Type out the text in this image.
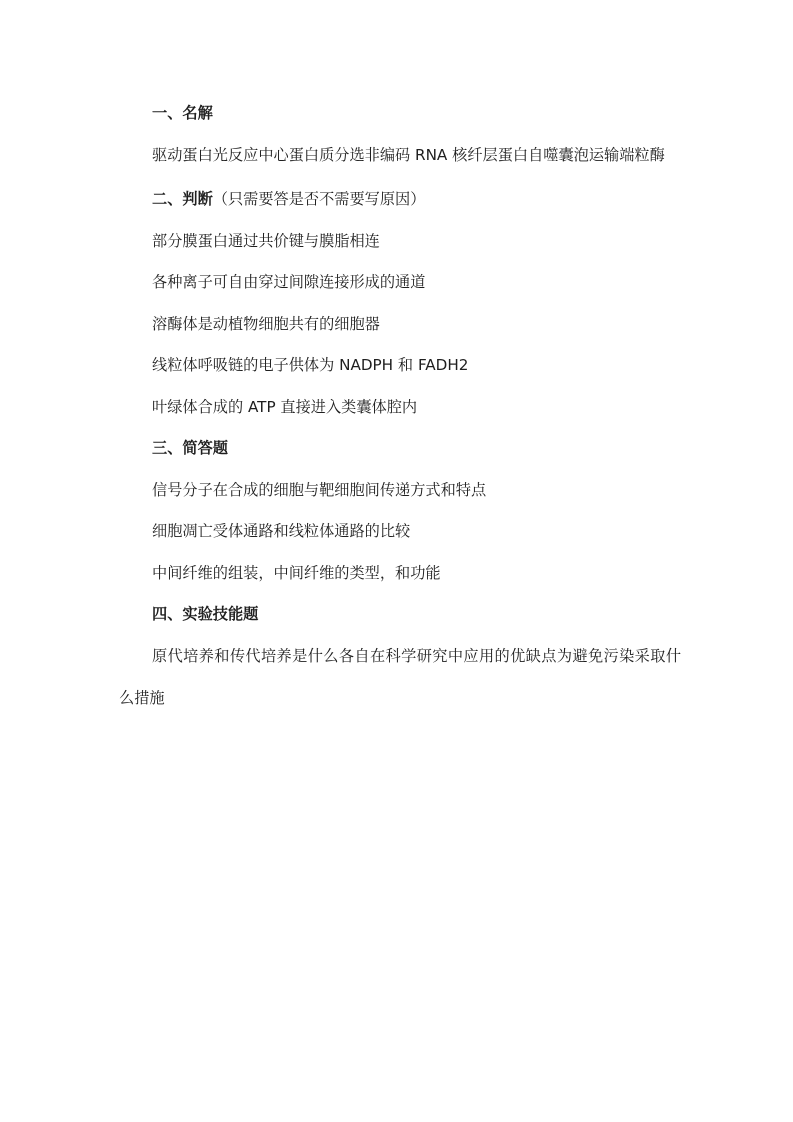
一、名解

驱动蛋白光反应中心蛋白质分选非编码 RNA 核纤层蛋白自噬囊泡运输端粒酶

二、判断（只需要答是否不需要写原因）

部分膜蛋白通过共价键与膜脂相连

各种离子可自由穿过间隙连接形成的通道

溶酶体是动植物细胞共有的细胞器

线粒体呼吸链的电子供体为 NADPH 和 FADH2

叶绿体合成的 ATP 直接进入类囊体腔内

三、简答题

信号分子在合成的细胞与靶细胞间传递方式和特点

细胞凋亡受体通路和线粒体通路的比较

中间纤维的组装，中间纤维的类型，和功能

四、实验技能题

原代培养和传代培养是什么各自在科学研究中应用的优缺点为避免污染采取什么措施
